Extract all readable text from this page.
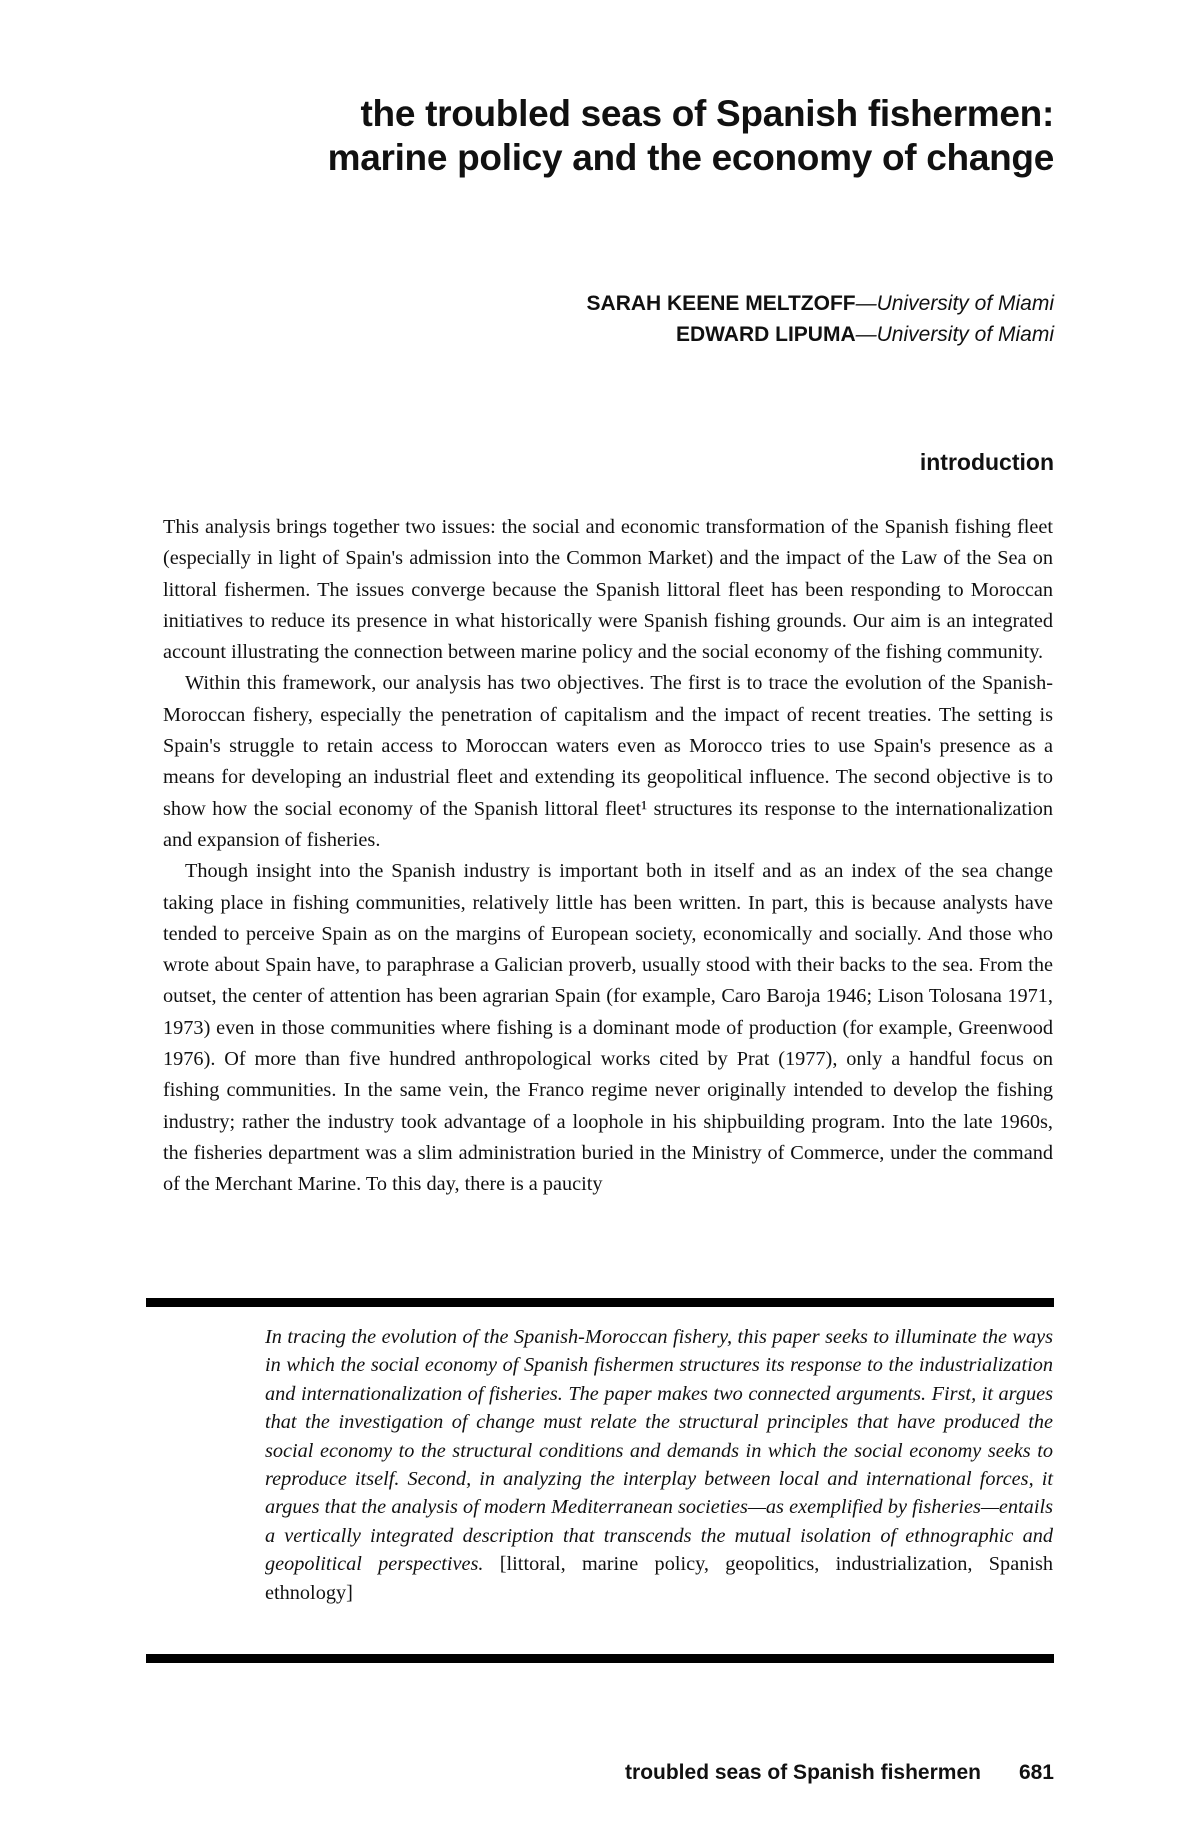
the troubled seas of Spanish fishermen:
marine policy and the economy of change
SARAH KEENE MELTZOFF—University of Miami
EDWARD LIPUMA—University of Miami
introduction

This analysis brings together two issues: the social and economic transformation of the Spanish fishing fleet (especially in light of Spain's admission into the Common Market) and the impact of the Law of the Sea on littoral fishermen. The issues converge because the Spanish littoral fleet has been responding to Moroccan initiatives to reduce its presence in what historically were Spanish fishing grounds. Our aim is an integrated account illustrating the connection between marine policy and the social economy of the fishing community.

Within this framework, our analysis has two objectives. The first is to trace the evolution of the Spanish-Moroccan fishery, especially the penetration of capitalism and the impact of recent treaties. The setting is Spain's struggle to retain access to Moroccan waters even as Morocco tries to use Spain's presence as a means for developing an industrial fleet and extending its geopolitical influence. The second objective is to show how the social economy of the Spanish littoral fleet¹ structures its response to the internationalization and expansion of fisheries.

Though insight into the Spanish industry is important both in itself and as an index of the sea change taking place in fishing communities, relatively little has been written. In part, this is because analysts have tended to perceive Spain as on the margins of European society, economically and socially. And those who wrote about Spain have, to paraphrase a Galician proverb, usually stood with their backs to the sea. From the outset, the center of attention has been agrarian Spain (for example, Caro Baroja 1946; Lison Tolosana 1971, 1973) even in those communities where fishing is a dominant mode of production (for example, Greenwood 1976). Of more than five hundred anthropological works cited by Prat (1977), only a handful focus on fishing communities. In the same vein, the Franco regime never originally intended to develop the fishing industry; rather the industry took advantage of a loophole in his shipbuilding program. Into the late 1960s, the fisheries department was a slim administration buried in the Ministry of Commerce, under the command of the Merchant Marine. To this day, there is a paucity

In tracing the evolution of the Spanish-Moroccan fishery, this paper seeks to illuminate the ways in which the social economy of Spanish fishermen structures its response to the industrialization and internationalization of fisheries. The paper makes two connected arguments. First, it argues that the investigation of change must relate the structural principles that have produced the social economy to the structural conditions and demands in which the social economy seeks to reproduce itself. Second, in analyzing the interplay between local and international forces, it argues that the analysis of modern Mediterranean societies—as exemplified by fisheries—entails a vertically integrated description that transcends the mutual isolation of ethnographic and geopolitical perspectives. [littoral, marine policy, geopolitics, industrialization, Spanish ethnology]

troubled seas of Spanish fishermen 681
